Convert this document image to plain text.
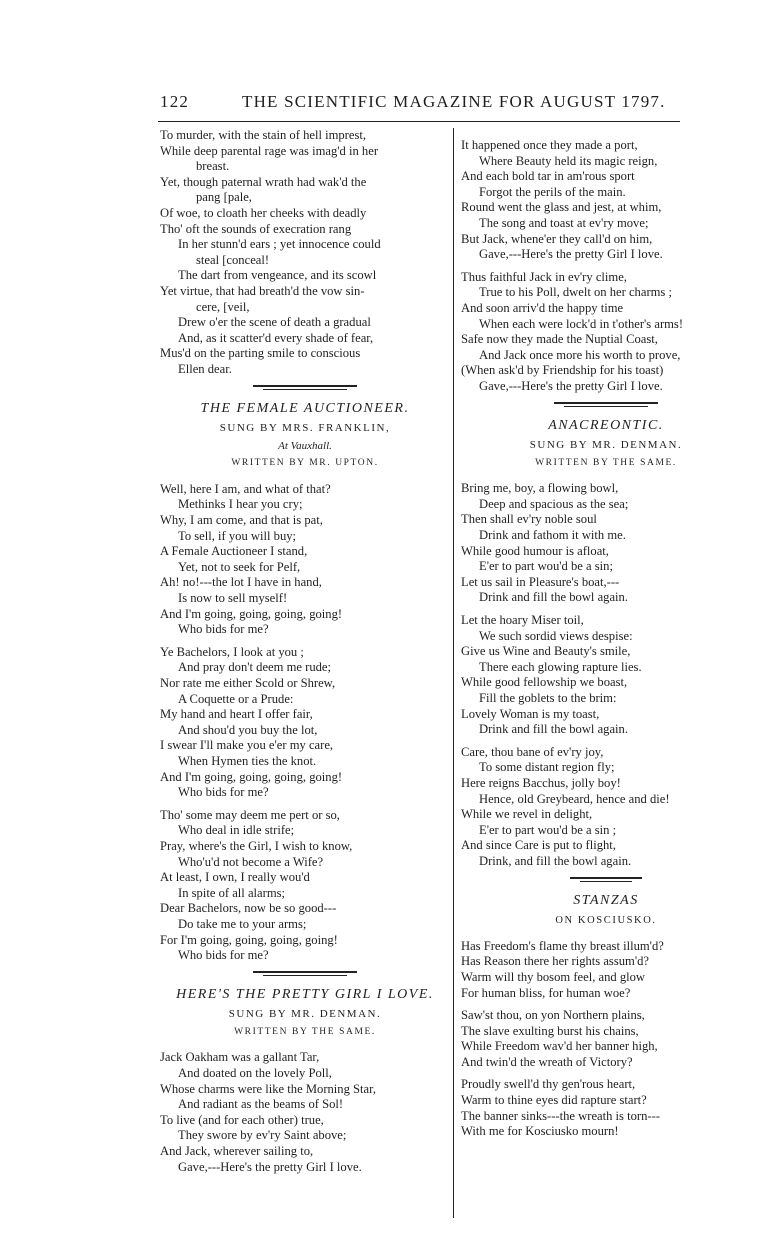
122	THE SCIENTIFIC MAGAZINE FOR AUGUST 1797.
To murder, with the stain of hell imprest,
While deep parental rage was imag'd in her
breast.
Yet, though paternal wrath had wak'd the
pang [pale,
Of woe, to cloath her cheeks with deadly
Tho' oft the sounds of execration rang
In her stunn'd ears ; yet innocence could
steal [conceal!
The dart from vengeance, and its scowl
Yet virtue, that had breath'd the vow sin-
cere, [veil,
Drew o'er the scene of death a gradual
And, as it scatter'd every shade of fear,
Mus'd on the parting smile to conscious
Ellen dear.
THE FEMALE AUCTIONEER.
SUNG BY MRS. FRANKLIN,
At Vauxhall.
WRITTEN BY MR. UPTON.
Well, here I am, and what of that?
Methinks I hear you cry;
Why, I am come, and that is pat,
To sell, if you will buy;
A Female Auctioneer I stand,
Yet, not to seek for Pelf,
Ah! no!---the lot I have in hand,
Is now to sell myself!
And I'm going, going, going, going!
Who bids for me?
Ye Bachelors, I look at you ;
And pray don't deem me rude;
Nor rate me either Scold or Shrew,
A Coquette or a Prude:
My hand and heart I offer fair,
And shou'd you buy the lot,
I swear I'll make you e'er my care,
When Hymen ties the knot.
And I'm going, going, going, going!
Who bids for me?
Tho' some may deem me pert or so,
Who deal in idle strife;
Pray, where's the Girl, I wish to know,
Who'u'd not become a Wife?
At least, I own, I really wou'd
In spite of all alarms;
Dear Bachelors, now be so good---
Do take me to your arms;
For I'm going, going, going, going!
Who bids for me?
HERE'S THE PRETTY GIRL I LOVE.
SUNG BY MR. DENMAN.
WRITTEN BY THE SAME.
Jack Oakham was a gallant Tar,
And doated on the lovely Poll,
Whose charms were like the Morning Star,
And radiant as the beams of Sol!
To live (and for each other) true,
They swore by ev'ry Saint above;
And Jack, wherever sailing to,
Gave,---Here's the pretty Girl I love.
It happened once they made a port,
Where Beauty held its magic reign,
And each bold tar in am'rous sport
Forgot the perils of the main.
Round went the glass and jest, at whim,
The song and toast at ev'ry move;
But Jack, whene'er they call'd on him,
Gave,---Here's the pretty Girl I love.
Thus faithful Jack in ev'ry clime,
True to his Poll, dwelt on her charms ;
And soon arriv'd the happy time
When each were lock'd in t'other's arms!
Safe now they made the Nuptial Coast,
And Jack once more his worth to prove,
(When ask'd by Friendship for his toast)
Gave,---Here's the pretty Girl I love.
ANACREONTIC.
SUNG BY MR. DENMAN.
WRITTEN BY THE SAME.
Bring me, boy, a flowing bowl,
Deep and spacious as the sea;
Then shall ev'ry noble soul
Drink and fathom it with me.
While good humour is afloat,
E'er to part wou'd be a sin;
Let us sail in Pleasure's boat,---
Drink and fill the bowl again.
Let the hoary Miser toil,
We such sordid views despise:
Give us Wine and Beauty's smile,
There each glowing rapture lies.
While good fellowship we boast,
Fill the goblets to the brim:
Lovely Woman is my toast,
Drink and fill the bowl again.
Care, thou bane of ev'ry joy,
To some distant region fly;
Here reigns Bacchus, jolly boy!
Hence, old Greybeard, hence and die!
While we revel in delight,
E'er to part wou'd be a sin ;
And since Care is put to flight,
Drink, and fill the bowl again.
STANZAS
ON KOSCIUSKO.
Has Freedom's flame thy breast illum'd?
Has Reason there her rights assum'd?
Warm will thy bosom feel, and glow
For human bliss, for human woe?
Saw'st thou, on yon Northern plains,
The slave exulting burst his chains,
While Freedom wav'd her banner high,
And twin'd the wreath of Victory?
Proudly swell'd thy gen'rous heart,
Warm to thine eyes did rapture start?
The banner sinks---the wreath is torn---
With me for Kosciusko mourn!
